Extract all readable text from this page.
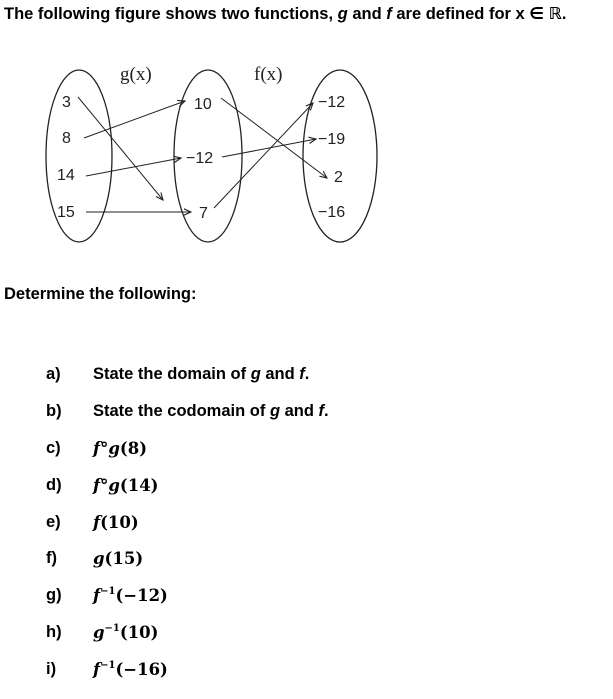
The following figure shows two functions, g and f are defined for x ∈ ℝ.
g(x)	f(x)
3
8
14
15
10
−12
7
−12
−19
2
−16
Determine the following:
a)	State the domain of g and f.
b)	State the codomain of g and f.
c)	f°g(8)
d)	f°g(14)
e)	f(10)
f)	g(15)
g)	$f^{-1}(-12)$
h)	$g^{-1}(10)$
i)	$f^{-1}(-16)$
